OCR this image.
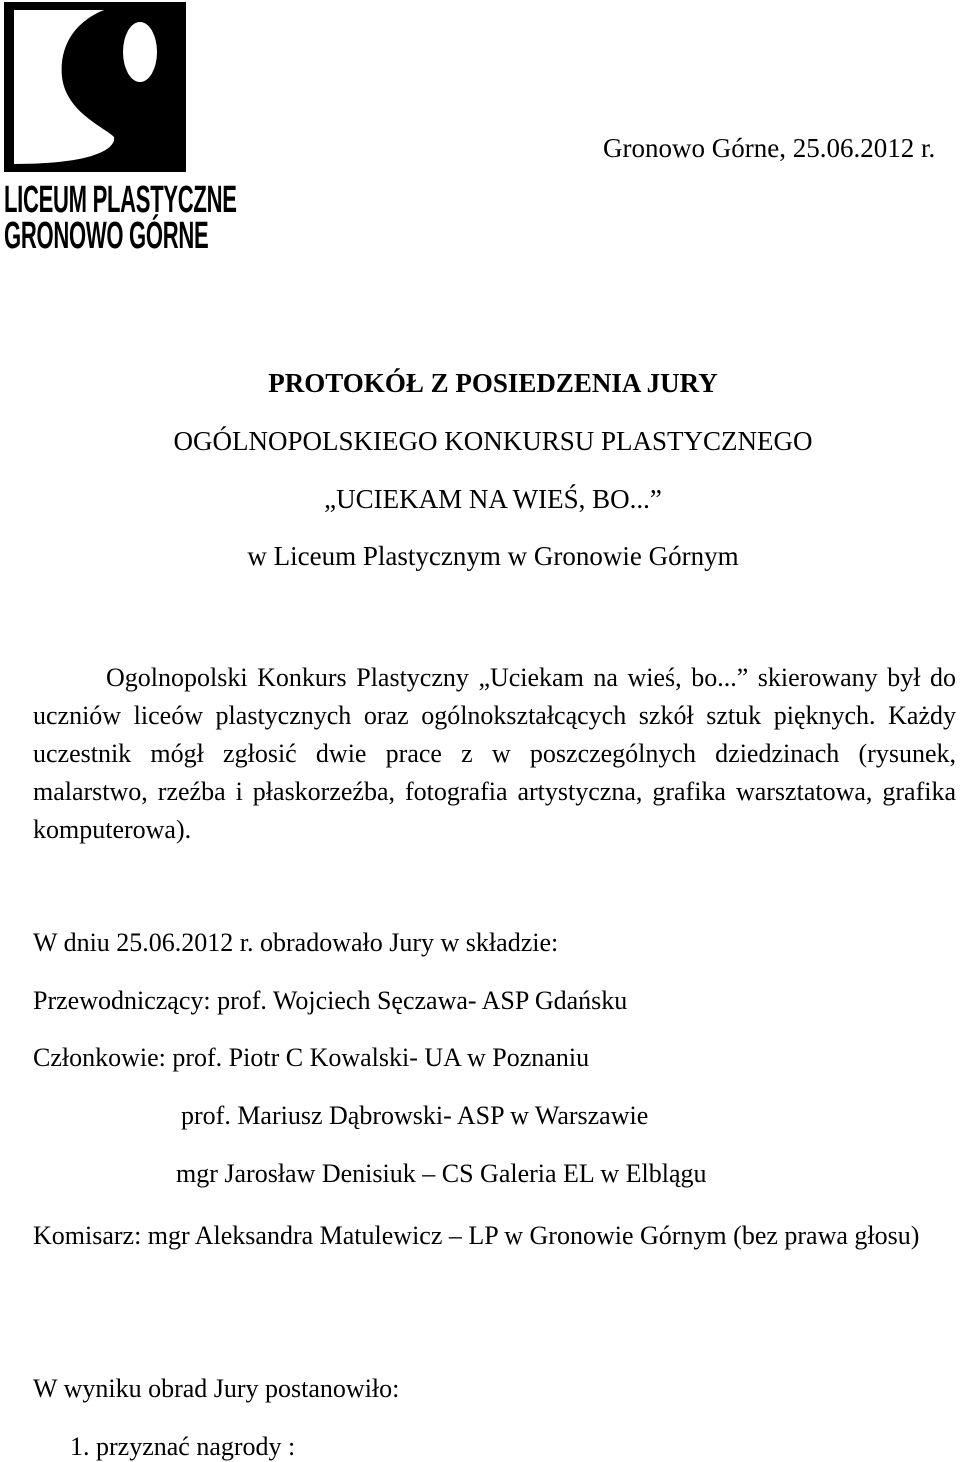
LICEUM PLASTYCZNE
GRONOWO GÓRNE
Gronowo Górne, 25.06.2012 r.
PROTOKÓŁ Z POSIEDZENIA JURY
OGÓLNOPOLSKIEGO KONKURSU PLASTYCZNEGO
„UCIEKAM NA WIEŚ, BO...”
w Liceum Plastycznym w Gronowie Górnym
Ogolnopolski Konkurs Plastyczny „Uciekam na wieś, bo...” skierowany był do uczniów liceów plastycznych oraz ogólnokształcących szkół sztuk pięknych. Każdy uczestnik mógł zgłosić dwie prace z w poszczególnych dziedzinach (rysunek, malarstwo, rzeźba i płaskorzeźba, fotografia artystyczna, grafika warsztatowa, grafika komputerowa).
W dniu 25.06.2012 r. obradowało Jury w składzie:
Przewodniczący: prof. Wojciech Sęczawa- ASP Gdańsku
Członkowie: prof. Piotr C Kowalski- UA w Poznaniu
prof. Mariusz Dąbrowski- ASP w Warszawie
mgr Jarosław Denisiuk – CS Galeria EL w Elblągu
Komisarz: mgr Aleksandra Matulewicz – LP w Gronowie Górnym (bez prawa głosu)
W wyniku obrad Jury postanowiło:
1. przyznać nagrody :
